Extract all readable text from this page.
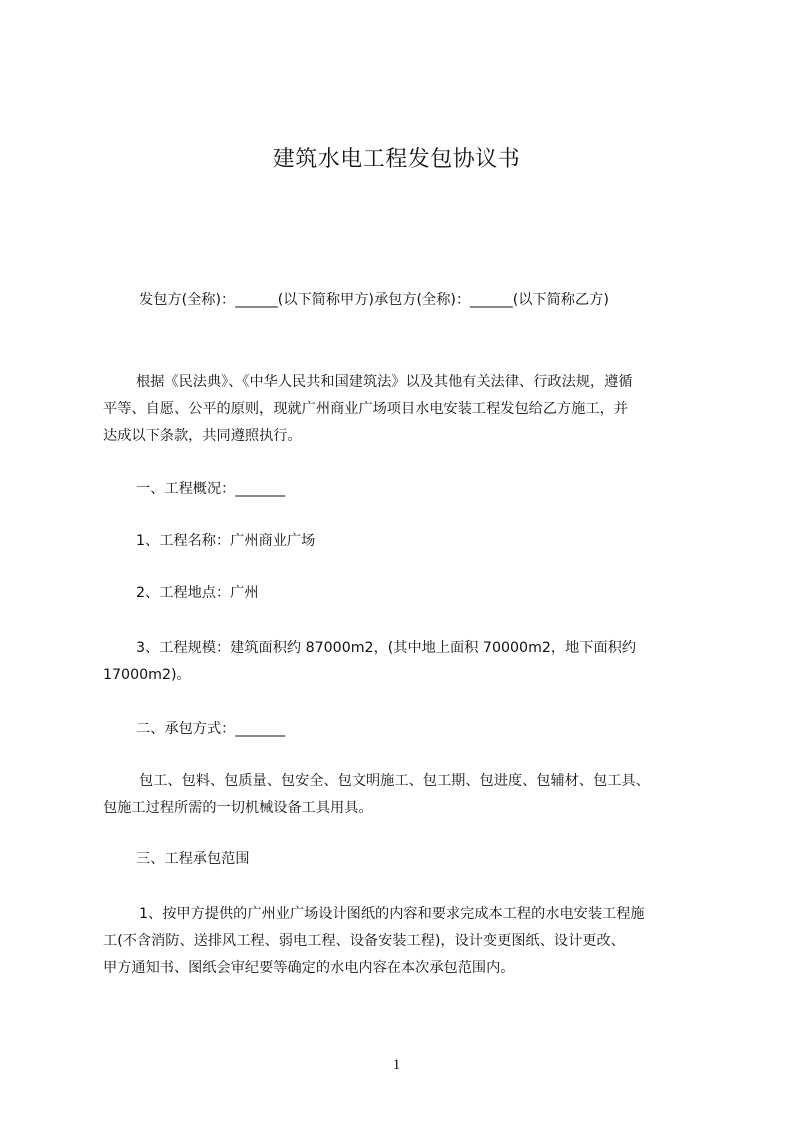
建筑水电工程发包协议书
发包方(全称)：______(以下简称甲方)承包方(全称)：______(以下简称乙方)
根据《民法典》、《中华人民共和国建筑法》以及其他有关法律、行政法规，遵循
平等、自愿、公平的原则，现就广州商业广场项目水电安装工程发包给乙方施工，并
达成以下条款，共同遵照执行。
一、工程概况：_______
1、工程名称：广州商业广场
2、工程地点：广州
3、工程规模：建筑面积约 87000m2，(其中地上面积 70000m2，地下面积约
17000m2)。
二、承包方式：_______
包工、包料、包质量、包安全、包文明施工、包工期、包进度、包辅材、包工具、
包施工过程所需的一切机械设备工具用具。
三、工程承包范围
1、按甲方提供的广州业广场设计图纸的内容和要求完成本工程的水电安装工程施
工(不含消防、送排风工程、弱电工程、设备安装工程)，设计变更图纸、设计更改、
甲方通知书、图纸会审纪要等确定的水电内容在本次承包范围内。
1
